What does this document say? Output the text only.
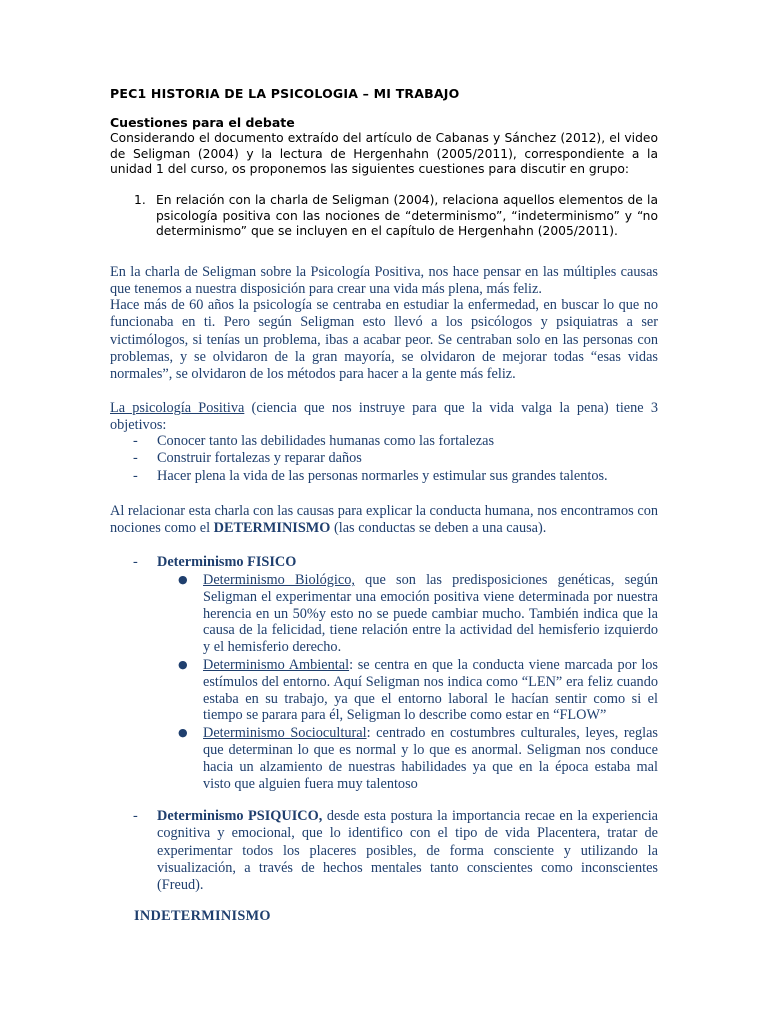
PEC1 HISTORIA DE LA PSICOLOGIA – MI TRABAJO
Cuestiones para el debate
Considerando el documento extraído del artículo de Cabanas y Sánchez (2012), el video de Seligman (2004) y la lectura de Hergenhahn (2005/2011), correspondiente a la unidad 1 del curso, os proponemos las siguientes cuestiones para discutir en grupo:
1. En relación con la charla de Seligman (2004), relaciona aquellos elementos de la psicología positiva con las nociones de “determinismo”, “indeterminismo” y “no determinismo” que se incluyen en el capítulo de Hergenhahn (2005/2011).
En la charla de Seligman sobre la Psicología Positiva, nos hace pensar en las múltiples causas que tenemos a nuestra disposición para crear una vida más plena, más feliz.
Hace más de 60 años la psicología se centraba en estudiar la enfermedad, en buscar lo que no funcionaba en ti. Pero según Seligman esto llevó a los psicólogos y psiquiatras a ser victimólogos, si tenías un problema, ibas a acabar peor. Se centraban solo en las personas con problemas, y se olvidaron de la gran mayoría, se olvidaron de mejorar todas “esas vidas normales”, se olvidaron de los métodos para hacer a la gente más feliz.
La psicología Positiva (ciencia que nos instruye para que la vida valga la pena) tiene 3 objetivos:
- Conocer tanto las debilidades humanas como las fortalezas
- Construir fortalezas y reparar daños
- Hacer plena la vida de las personas normarles y estimular sus grandes talentos.
Al relacionar esta charla con las causas para explicar la conducta humana, nos encontramos con nociones como el DETERMINISMO (las conductas se deben a una causa).
- Determinismo FISICO
● Determinismo Biológico, que son las predisposiciones genéticas, según Seligman el experimentar una emoción positiva viene determinada por nuestra herencia en un 50%y esto no se puede cambiar mucho. También indica que la causa de la felicidad, tiene relación entre la actividad del hemisferio izquierdo y el hemisferio derecho.
● Determinismo Ambiental: se centra en que la conducta viene marcada por los estímulos del entorno. Aquí Seligman nos indica como “LEN” era feliz cuando estaba en su trabajo, ya que el entorno laboral le hacían sentir como si el tiempo se parara para él, Seligman lo describe como estar en “FLOW”
● Determinismo Sociocultural: centrado en costumbres culturales, leyes, reglas que determinan lo que es normal y lo que es anormal. Seligman nos conduce hacia un alzamiento de nuestras habilidades ya que en la época estaba mal visto que alguien fuera muy talentoso
- Determinismo PSIQUICO, desde esta postura la importancia recae en la experiencia cognitiva y emocional, que lo identifico con el tipo de vida Placentera, tratar de experimentar todos los placeres posibles, de forma consciente y utilizando la visualización, a través de hechos mentales tanto conscientes como inconscientes (Freud).
INDETERMINISMO
